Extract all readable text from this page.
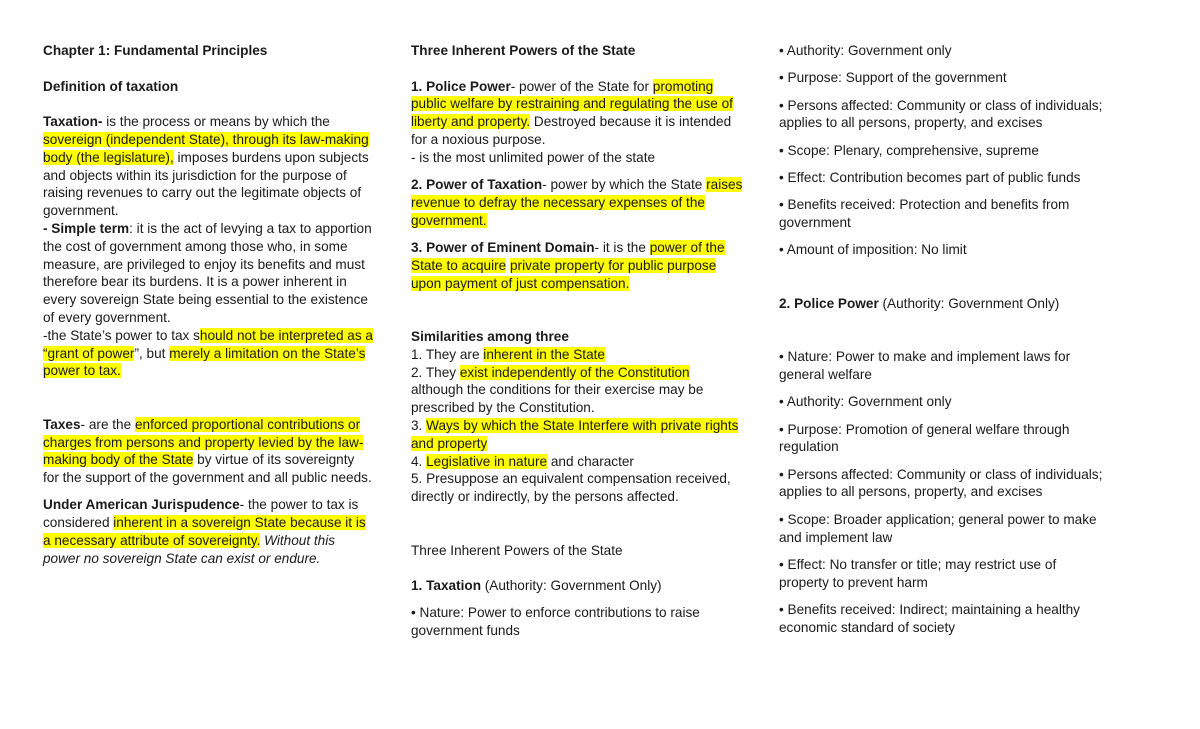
Chapter 1: Fundamental Principles

Definition of taxation

Taxation- is the process or means by which the sovereign (independent State), through its law-making body (the legislature), imposes burdens upon subjects and objects within its jurisdiction for the purpose of raising revenues to carry out the legitimate objects of government.

- Simple term: it is the act of levying a tax to apportion the cost of government among those who, in some measure, are privileged to enjoy its benefits and must therefore bear its burdens. It is a power inherent in every sovereign State being essential to the existence of every government.

-the State’s power to tax should not be interpreted as a “grant of power”, but merely a limitation on the State’s power to tax.

Taxes- are the enforced proportional contributions or charges from persons and property levied by the law-making body of the State by virtue of its sovereignty for the support of the government and all public needs.

Under American Jurispudence- the power to tax is considered inherent in a sovereign State because it is a necessary attribute of sovereignty. Without this power no sovereign State can exist or endure.

Three Inherent Powers of the State

1. Police Power- power of the State for promoting public welfare by restraining and regulating the use of liberty and property. Destroyed because it is intended for a noxious purpose.
- is the most unlimited power of the state

2. Power of Taxation- power by which the State raises revenue to defray the necessary expenses of the government.

3. Power of Eminent Domain- it is the power of the State to acquire private property for public purpose upon payment of just compensation.

Similarities among three

1. They are inherent in the State

2. They exist independently of the Constitution although the conditions for their exercise may be prescribed by the Constitution.

3. Ways by which the State Interfere with private rights and property

4. Legislative in nature and character

5. Presuppose an equivalent compensation received, directly or indirectly, by the persons affected.

Three Inherent Powers of the State

1. Taxation (Authority: Government Only)

• Nature: Power to enforce contributions to raise government funds

• Authority: Government only

• Purpose: Support of the government

• Persons affected: Community or class of individuals; applies to all persons, property, and excises

• Scope: Plenary, comprehensive, supreme

• Effect: Contribution becomes part of public funds

• Benefits received: Protection and benefits from government

• Amount of imposition: No limit

2. Police Power (Authority: Government Only)

• Nature: Power to make and implement laws for general welfare

• Authority: Government only

• Purpose: Promotion of general welfare through regulation

• Persons affected: Community or class of individuals; applies to all persons, property, and excises

• Scope: Broader application; general power to make and implement law

• Effect: No transfer or title; may restrict use of property to prevent harm

• Benefits received: Indirect; maintaining a healthy economic standard of society
